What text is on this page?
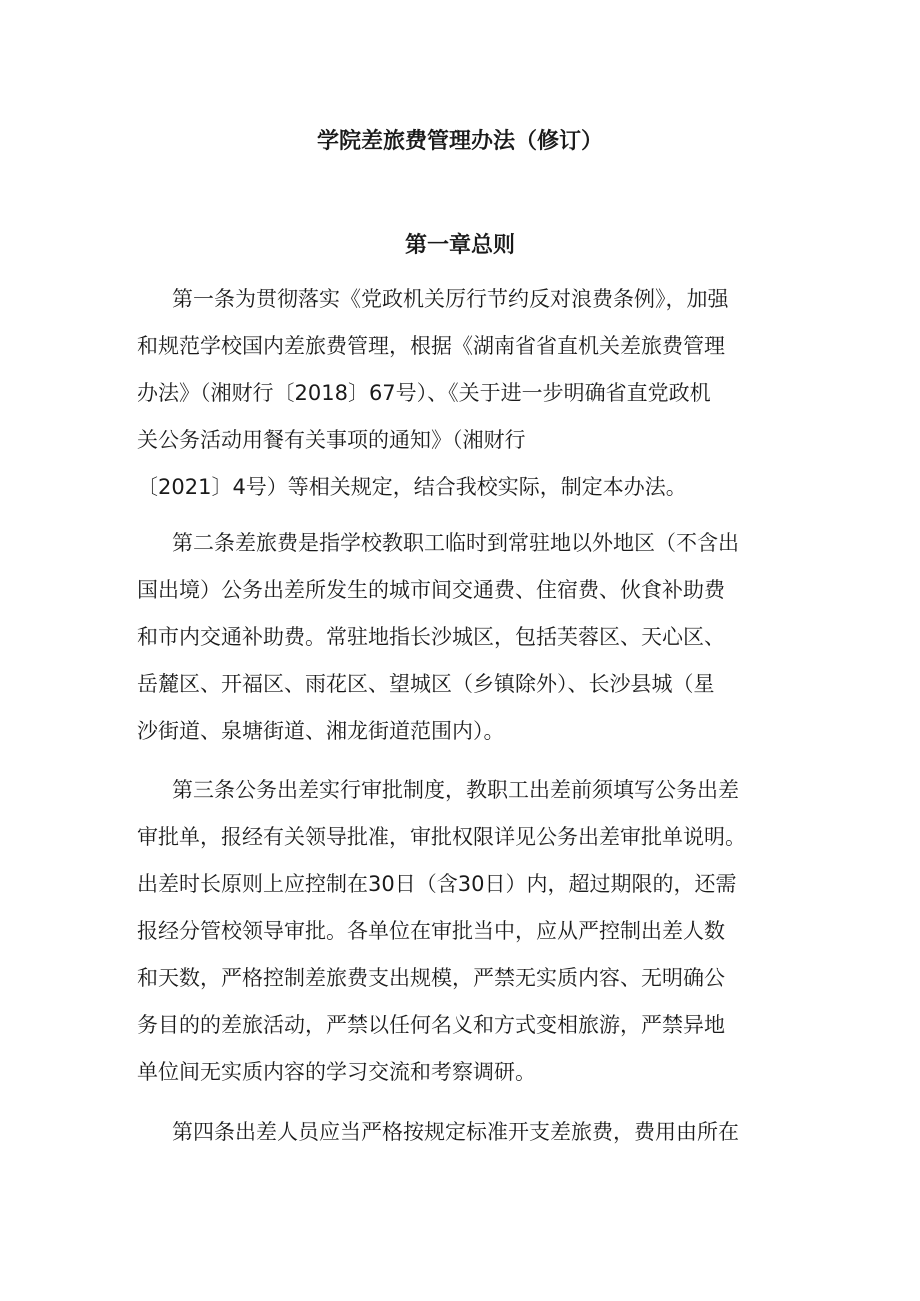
学院差旅费管理办法（修订）
第一章总则
第一条为贯彻落实《党政机关厉行节约反对浪费条例》，加强
和规范学校国内差旅费管理，根据《湖南省省直机关差旅费管理
办法》（湘财行〔2018〕67号）、《关于进一步明确省直党政机
关公务活动用餐有关事项的通知》（湘财行
〔2021〕4号）等相关规定，结合我校实际，制定本办法。
第二条差旅费是指学校教职工临时到常驻地以外地区（不含出
国出境）公务出差所发生的城市间交通费、住宿费、伙食补助费
和市内交通补助费。常驻地指长沙城区，包括芙蓉区、天心区、
岳麓区、开福区、雨花区、望城区（乡镇除外）、长沙县城（星
沙街道、泉塘街道、湘龙街道范围内）。
第三条公务出差实行审批制度，教职工出差前须填写公务出差
审批单，报经有关领导批准，审批权限详见公务出差审批单说明。
出差时长原则上应控制在30日（含30日）内，超过期限的，还需
报经分管校领导审批。各单位在审批当中，应从严控制出差人数
和天数，严格控制差旅费支出规模，严禁无实质内容、无明确公
务目的的差旅活动，严禁以任何名义和方式变相旅游，严禁异地
单位间无实质内容的学习交流和考察调研。
第四条出差人员应当严格按规定标准开支差旅费，费用由所在
